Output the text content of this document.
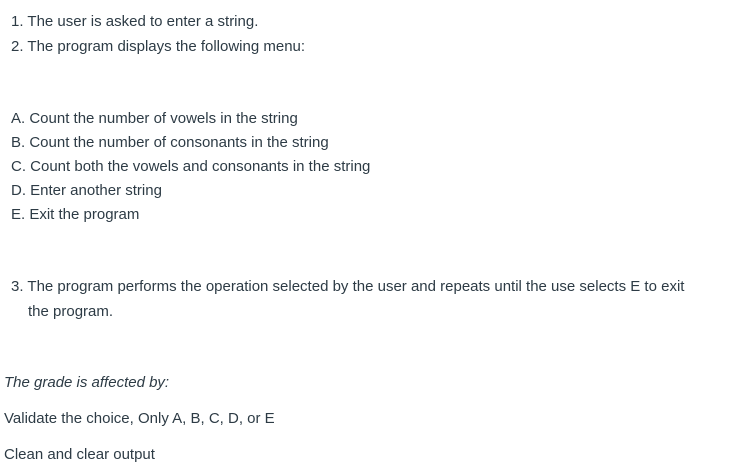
1. The user is asked to enter a string.
2. The program displays the following menu:
A. Count the number of vowels in the string
B. Count the number of consonants in the string
C. Count both the vowels and consonants in the string
D. Enter another string
E. Exit the program
3. The program performs the operation selected by the user and repeats until the use selects E to exit
the program.
The grade is affected by:
Validate the choice, Only A, B, C, D, or E
Clean and clear output
